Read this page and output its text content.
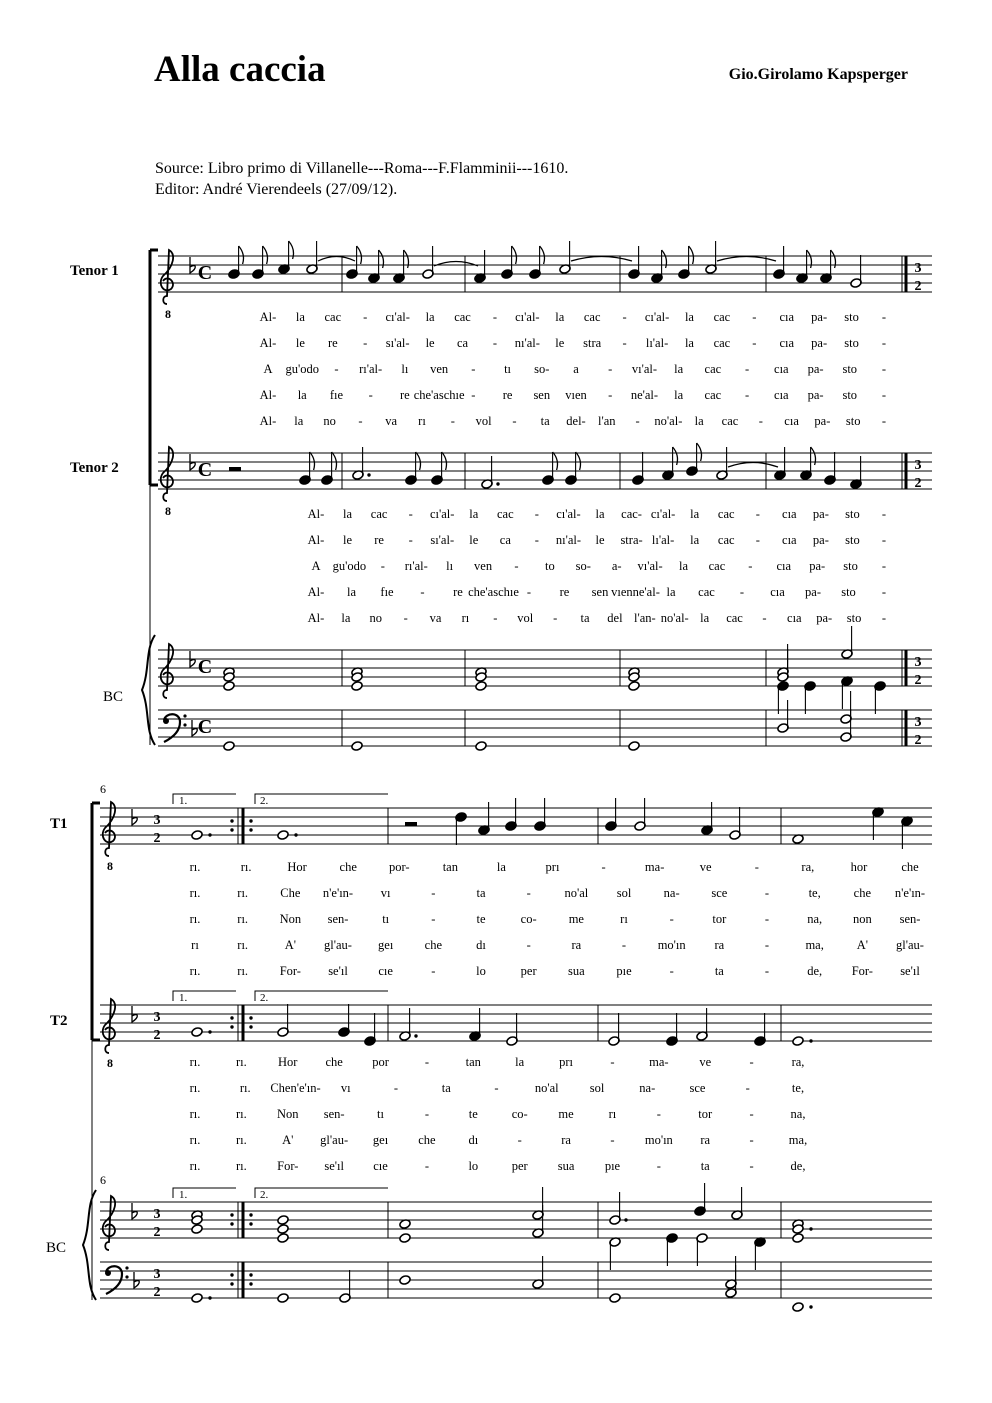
Alla caccia	Gio.Girolamo Kapsperger
Source: Libro primo di Villanelle---Roma---F.Flamminii---1610.
Editor: André Vierendeels (27/09/12).
Tenor 1
Tenor 2
BC
T1
T2
BC
8
C
8
C
C
C
3
2
3
2
3
2
3
2
Al- la cac - cı'al- la cac - cı'al- la cac - cı'al- la cac - cıa pa- sto -
Al- le re - sı'al- le ca - nı'al- le stra - lı'al- la cac - cıa pa- sto -
A gu'odo - rı'al- lı ven - tı so- a - vı'al- la cac - cıa pa- sto -
Al- la fıe - re che'aschıe - re sen vıen - ne'al- la cac - cıa pa- sto -
Al- la no - va rı - vol - ta del- l'an - no'al- la cac - cıa pa- sto -
Al- la cac - cı'al- la cac - cı'al- la cac- cı'al- la cac - cıa pa- sto -
Al- le re - sı'al- le ca - nı'al- le stra- lı'al- la cac - cıa pa- sto -
A gu'odo - rı'al- lı ven - to so- a- vı'al- la cac - cıa pa- sto -
Al- la fıe - re che'aschıe - re sen vıenne'al- la cac - cıa pa- sto -
Al- la no - va rı - vol - ta del l'an- no'al- la cac - cıa pa- sto -
6
6
8
3
2
8
3
2
3
2
3
2
1.	2.
1.	2.
1.	2.
rı.	rı.	Hor	che	por-	tan	la	prı	-	ma-	ve	-	ra,	hor	che
rı.	rı.	Che n'e'ın- vı	-	ta	-	no'al sol	na-	sce	-	te,	che n'e'ın-
rı.	rı.	Non sen-	tı	-	te	co-	me	rı	-	tor	-	na, non sen-
rı	rı.	A' gl'au- geı	che	dı	-	ra	-	mo'ın ra	-	ma,	A' gl'au-
rı.	rı.	For- se'ıl cıe	-	lo	per	sua	pıe	-	ta	-	de, For- se'ıl
rı.	rı.	Hor che por	-	tan	la	prı	-	ma- ve	-	ra,
rı.	rı. Chen'e'ın- vı	-	ta	-	no'al sol	na-	sce	-	te,
rı.	rı. Non sen-	tı	-	te	co- me	rı	-	tor	-	na,
rı.	rı.	A' gl'au- geı che	dı	-	ra	- mo'ın ra	-	ma,
rı.	rı. For- se'ıl cıe	-	lo	per sua pıe	-	ta	-	de,
